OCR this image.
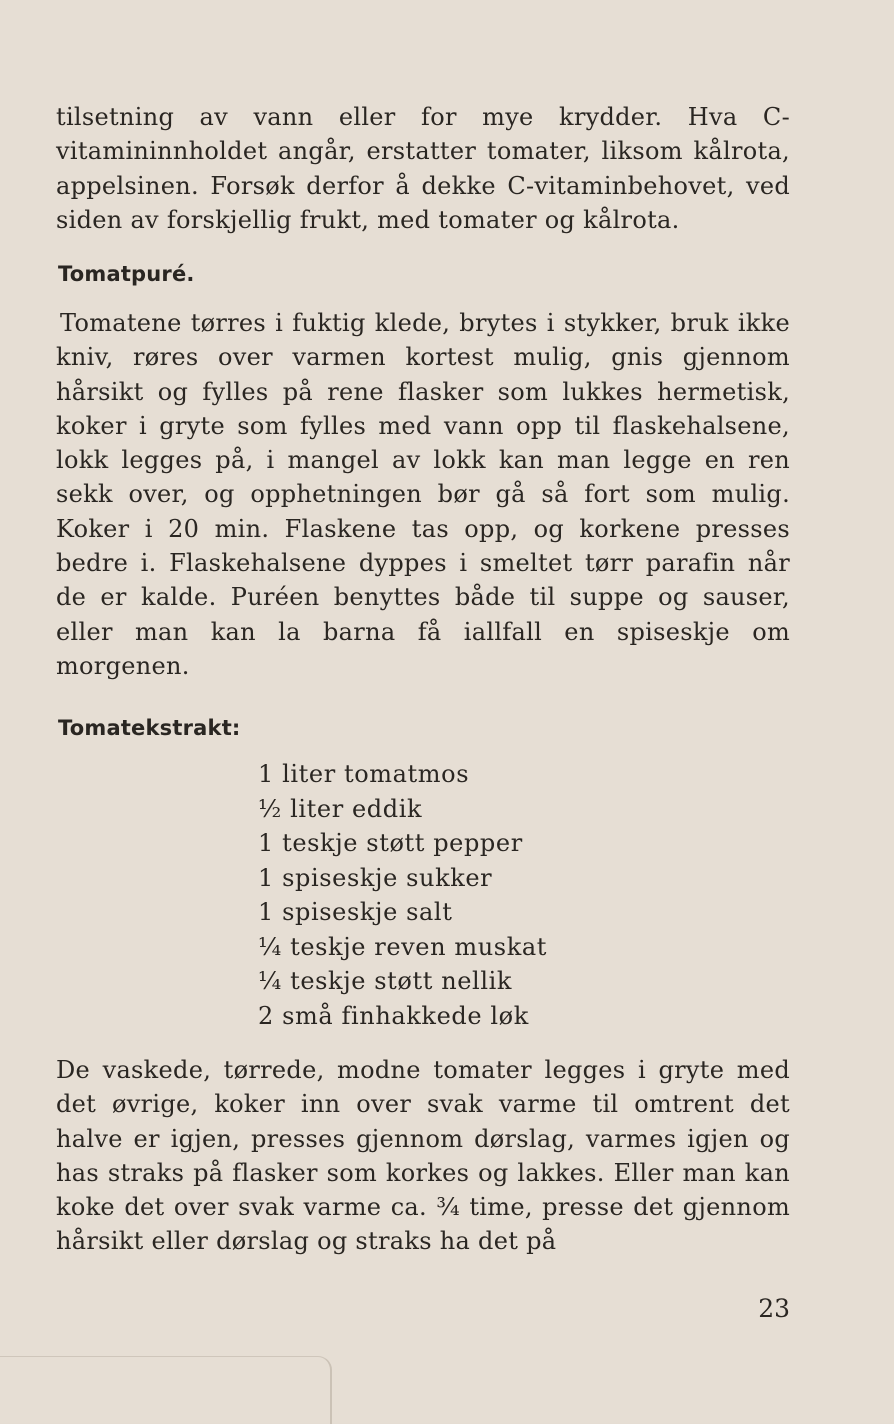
tilsetning av vann eller for mye krydder. Hva C-vitamininnholdet angår, erstatter tomater, liksom kålrota, appelsinen. Forsøk derfor å dekke C-vitaminbehovet, ved siden av forskjellig frukt, med tomater og kålrota.

Tomatpuré.

Tomatene tørres i fuktig klede, brytes i stykker, bruk ikke kniv, røres over varmen kortest mulig, gnis gjennom hårsikt og fylles på rene flasker som lukkes hermetisk, koker i gryte som fylles med vann opp til flaskehalsene, lokk legges på, i mangel av lokk kan man legge en ren sekk over, og opphetningen bør gå så fort som mulig. Koker i 20 min. Flaskene tas opp, og korkene presses bedre i. Flaskehalsene dyppes i smeltet tørr parafin når de er kalde. Puréen benyttes både til suppe og sauser, eller man kan la barna få iallfall en spiseskje om morgenen.

Tomatekstrakt:
1 liter tomatmos
½ liter eddik
1 teskje støtt pepper
1 spiseskje sukker
1 spiseskje salt
¼ teskje reven muskat
¼ teskje støtt nellik
2 små finhakkede løk

De vaskede, tørrede, modne tomater legges i gryte med det øvrige, koker inn over svak varme til omtrent det halve er igjen, presses gjennom dørslag, varmes igjen og has straks på flasker som korkes og lakkes. Eller man kan koke det over svak varme ca. ¾ time, presse det gjennom hårsikt eller dørslag og straks ha det på

23
